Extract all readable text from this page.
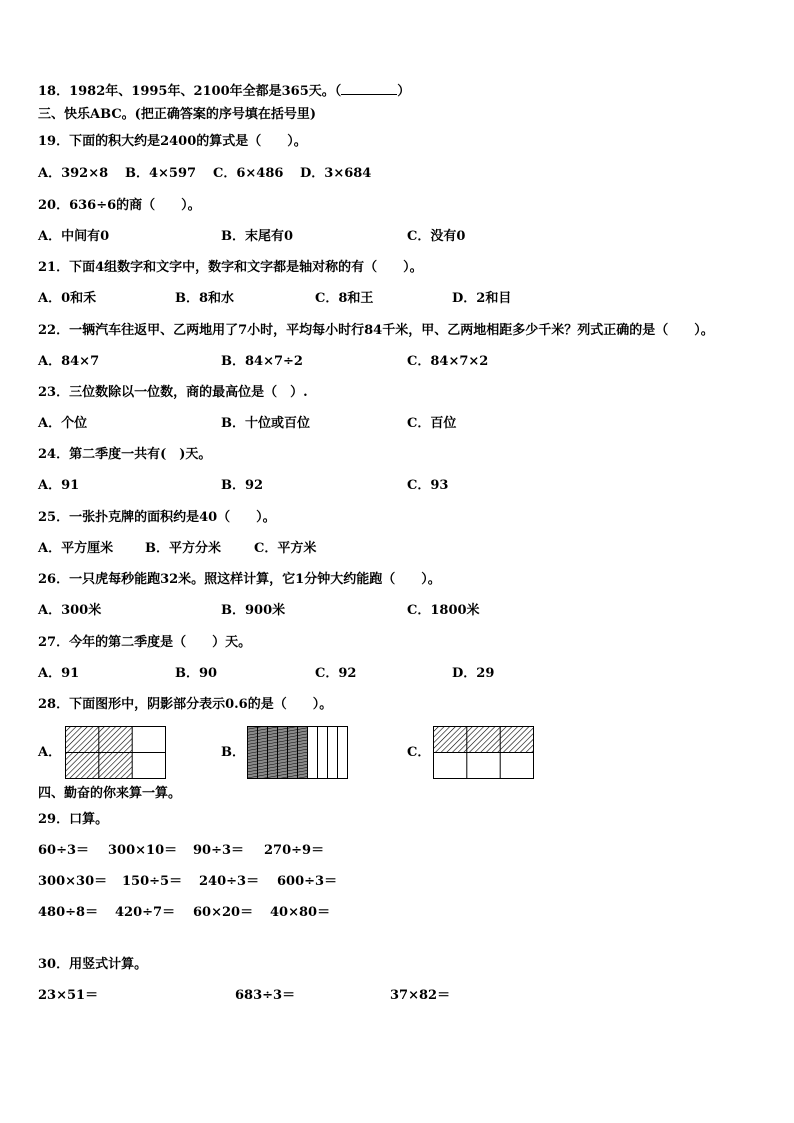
18．1982年、1995年、2100年全都是365天。（	）
三、快乐ABC。(把正确答案的序号填在括号里)
19．下面的积大约是2400的算式是（　　）。
A．392×8 B．4×597 C．6×486 D．3×684
20．636÷6的商（　　）。
A．中间有0	B．末尾有0	C．没有0
21．下面4组数字和文字中，数字和文字都是轴对称的有（　　）。
A．0和禾	B．8和水	C．8和王	D．2和目
22．一辆汽车往返甲、乙两地用了7小时，平均每小时行84千米，甲、乙两地相距多少千米？列式正确的是（　　）。
A．84×7	B．84×7÷2	C．84×7×2
23．三位数除以一位数，商的最高位是（　）.
A．个位	B．十位或百位	C．百位
24．第二季度一共有(　)天。
A．91	B．92	C．93
25．一张扑克牌的面积约是40（　　）。
A．平方厘米 B．平方分米	C．平方米
26．一只虎每秒能跑32米。照这样计算，它1分钟大约能跑（　　）。
A．300米	B．900米	C．1800米
27．今年的第二季度是（　　）天。
A．91	B．90	C．92	D．29
28．下面图形中，阴影部分表示0.6的是（　　）。
A．	B．	C．
四、勤奋的你来算一算。
29．口算。
60÷3＝ 300×10＝ 90÷3＝ 270÷9＝
300×30＝ 150÷5＝ 240÷3＝ 600÷3＝
480÷8＝ 420÷7＝ 60×20＝ 40×80＝
30．用竖式计算。
23×51＝	683÷3＝	37×82＝
